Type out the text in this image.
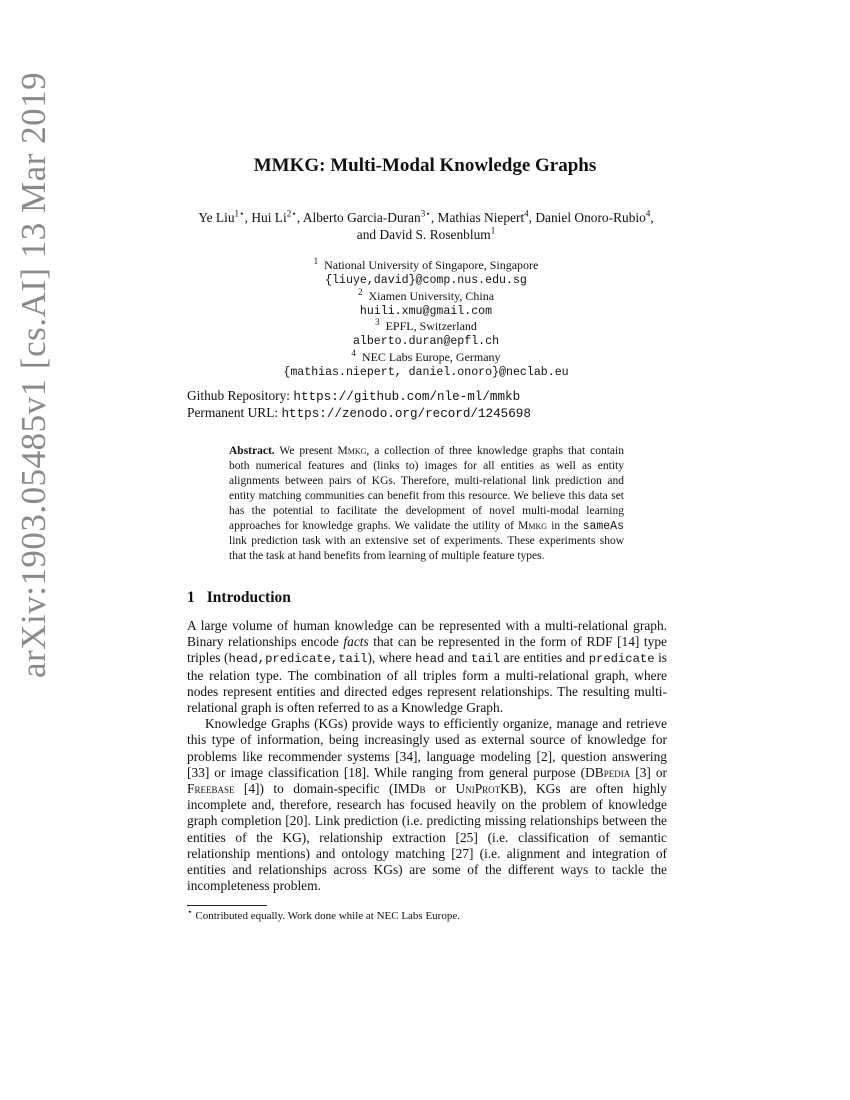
arXiv:1903.05485v1 [cs.AI] 13 Mar 2019	MMKG: Multi-Modal Knowledge Graphs
Ye Liu$^{1⋆}$, Hui $Li^{2⋆}$, Alberto Garcia-Duran$^{3⋆}$, Mathias Niepert$^4$, Daniel Onoro-Rubio$^4$,
and David S. Rosenblum$^1$
$^1$ National University of Singapore, Singapore
{liuye,david}@comp.nus.edu.sg
$^2$ Xiamen University, China
huili.xmu@gmail.com
$^3$ EPFL, Switzerland
alberto.duran@epfl.ch
$^4$ NEC Labs Europe, Germany
{mathias.niepert, daniel.onoro}@neclab.eu
Github Repository: https://github.com/nle-ml/mmkb
Permanent URL: https://zenodo.org/record/1245698
Abstract. We present Mmkg, a collection of three knowledge graphs that contain both numerical features and (links to) images for all entities as well as entity alignments between pairs of KGs. Therefore, multi-relational link prediction and entity matching communities can benefit from this resource. We believe this data set has the potential to facilitate the development of novel multi-modal learning approaches for knowledge graphs. We validate the utility of Mmkg in the sameAs link prediction task with an extensive set of experiments. These experiments show that the task at hand benefits from learning of multiple feature types.
1 Introduction

A large volume of human knowledge can be represented with a multi-relational graph. Binary relationships encode facts that can be represented in the form of RDF [14] type triples (head,predicate,tail), where head and tail are entities and predicate is the relation type. The combination of all triples form a multi-relational graph, where nodes represent entities and directed edges represent relationships. The resulting multi-relational graph is often referred to as a Knowledge Graph.

Knowledge Graphs (KGs) provide ways to efficiently organize, manage and retrieve this type of information, being increasingly used as external source of knowledge for problems like recommender systems [34], language modeling [2], question answering [33] or image classification [18]. While ranging from general purpose (DBpedia [3] or Freebase [4]) to domain-specific (IMDb or UniProtKB), KGs are often highly incomplete and, therefore, research has focused heavily on the problem of knowledge graph completion [20]. Link prediction (i.e. predicting missing relationships between the entities of the KG), relationship extraction [25] (i.e. classification of semantic relationship mentions) and ontology matching [27] (i.e. alignment and integration of entities and relationships across KGs) are some of the different ways to tackle the incompleteness problem.

⋆ Contributed equally. Work done while at NEC Labs Europe.
